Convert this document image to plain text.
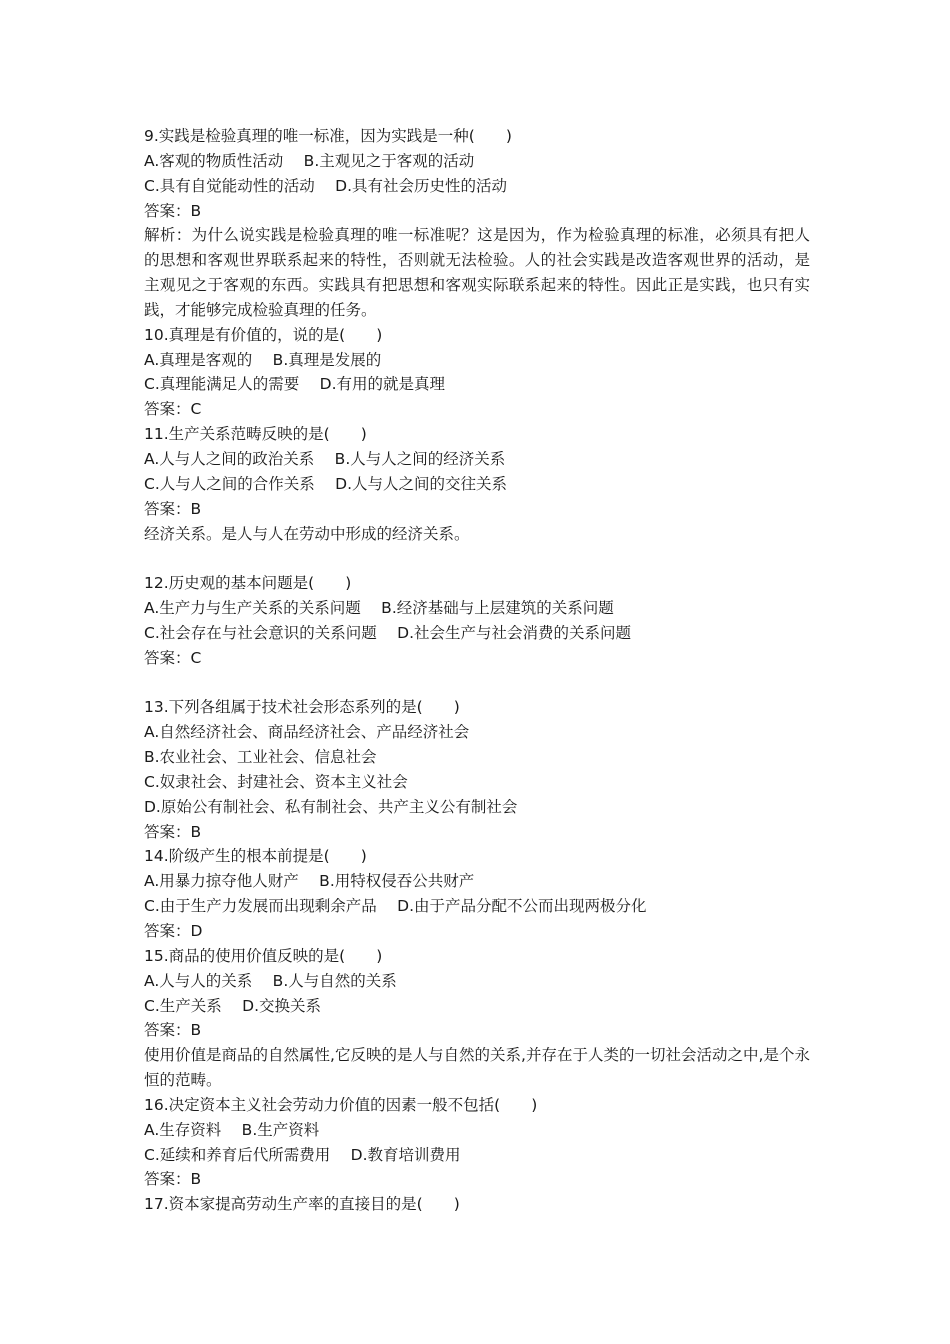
9.实践是检验真理的唯一标准，因为实践是一种(　　)
A.客观的物质性活动　 B.主观见之于客观的活动
C.具有自觉能动性的活动　 D.具有社会历史性的活动
答案：B
解析：为什么说实践是检验真理的唯一标准呢？这是因为，作为检验真理的标准，必须具有把人的思想和客观世界联系起来的特性，否则就无法检验。人的社会实践是改造客观世界的活动，是主观见之于客观的东西。实践具有把思想和客观实际联系起来的特性。因此正是实践，也只有实践，才能够完成检验真理的任务。
10.真理是有价值的，说的是(　　)
A.真理是客观的　 B.真理是发展的
C.真理能满足人的需要　 D.有用的就是真理
答案：C
11.生产关系范畴反映的是(　　)
A.人与人之间的政治关系　 B.人与人之间的经济关系
C.人与人之间的合作关系　 D.人与人之间的交往关系
答案：B
经济关系。是人与人在劳动中形成的经济关系。
12.历史观的基本问题是(　　)
A.生产力与生产关系的关系问题　 B.经济基础与上层建筑的关系问题
C.社会存在与社会意识的关系问题　 D.社会生产与社会消费的关系问题
答案：C
13.下列各组属于技术社会形态系列的是(　　)
A.自然经济社会、商品经济社会、产品经济社会
B.农业社会、工业社会、信息社会
C.奴隶社会、封建社会、资本主义社会
D.原始公有制社会、私有制社会、共产主义公有制社会
答案：B
14.阶级产生的根本前提是(　　)
A.用暴力掠夺他人财产　 B.用特权侵吞公共财产
C.由于生产力发展而出现剩余产品　 D.由于产品分配不公而出现两极分化
答案：D
15.商品的使用价值反映的是(　　)
A.人与人的关系　 B.人与自然的关系
C.生产关系　 D.交换关系
答案：B
使用价值是商品的自然属性,它反映的是人与自然的关系,并存在于人类的一切社会活动之中,是个永恒的范畴。
16.决定资本主义社会劳动力价值的因素一般不包括(　　)
A.生存资料　 B.生产资料
C.延续和养育后代所需费用　 D.教育培训费用
答案：B
17.资本家提高劳动生产率的直接目的是(　　)
